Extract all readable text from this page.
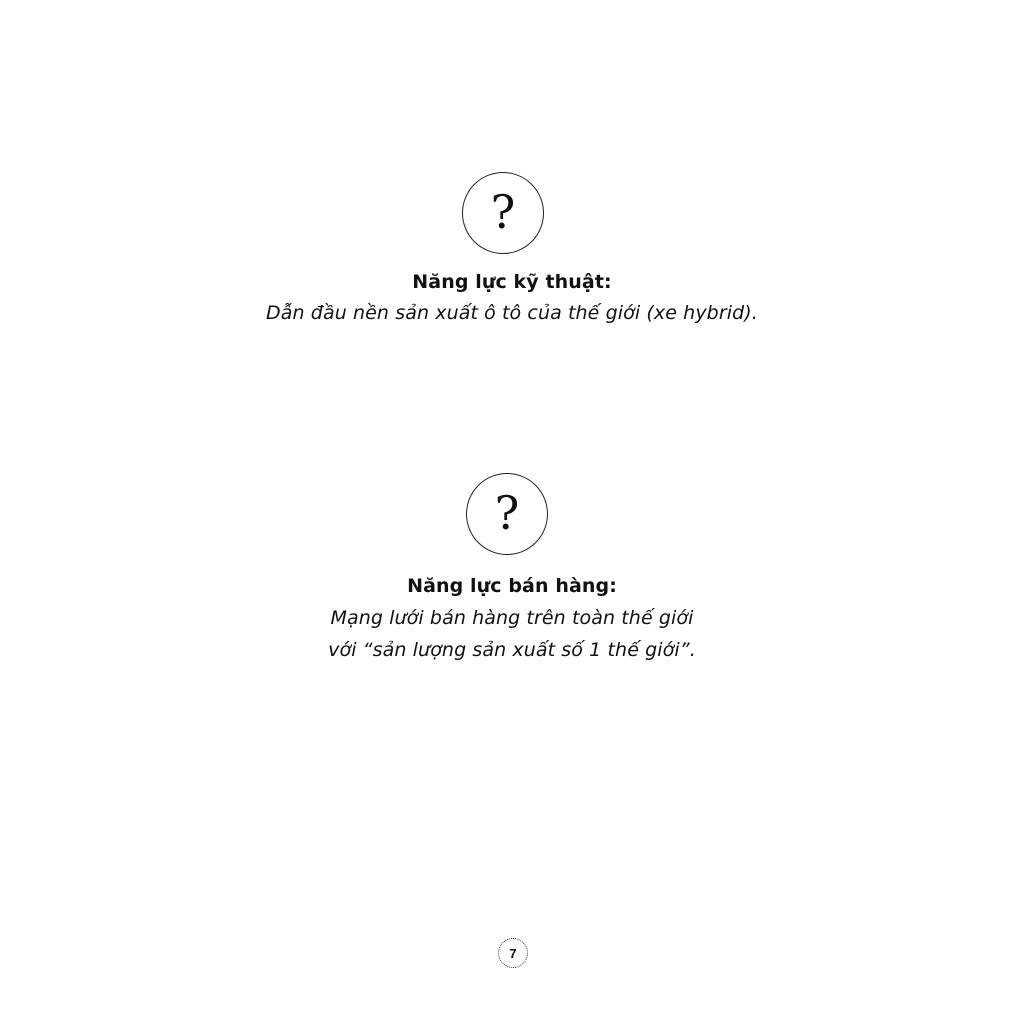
?
Năng lực kỹ thuật:
Dẫn đầu nền sản xuất ô tô của thế giới (xe hybrid).
?
Năng lực bán hàng:
Mạng lưới bán hàng trên toàn thế giới
với “sản lượng sản xuất số 1 thế giới”.
7
